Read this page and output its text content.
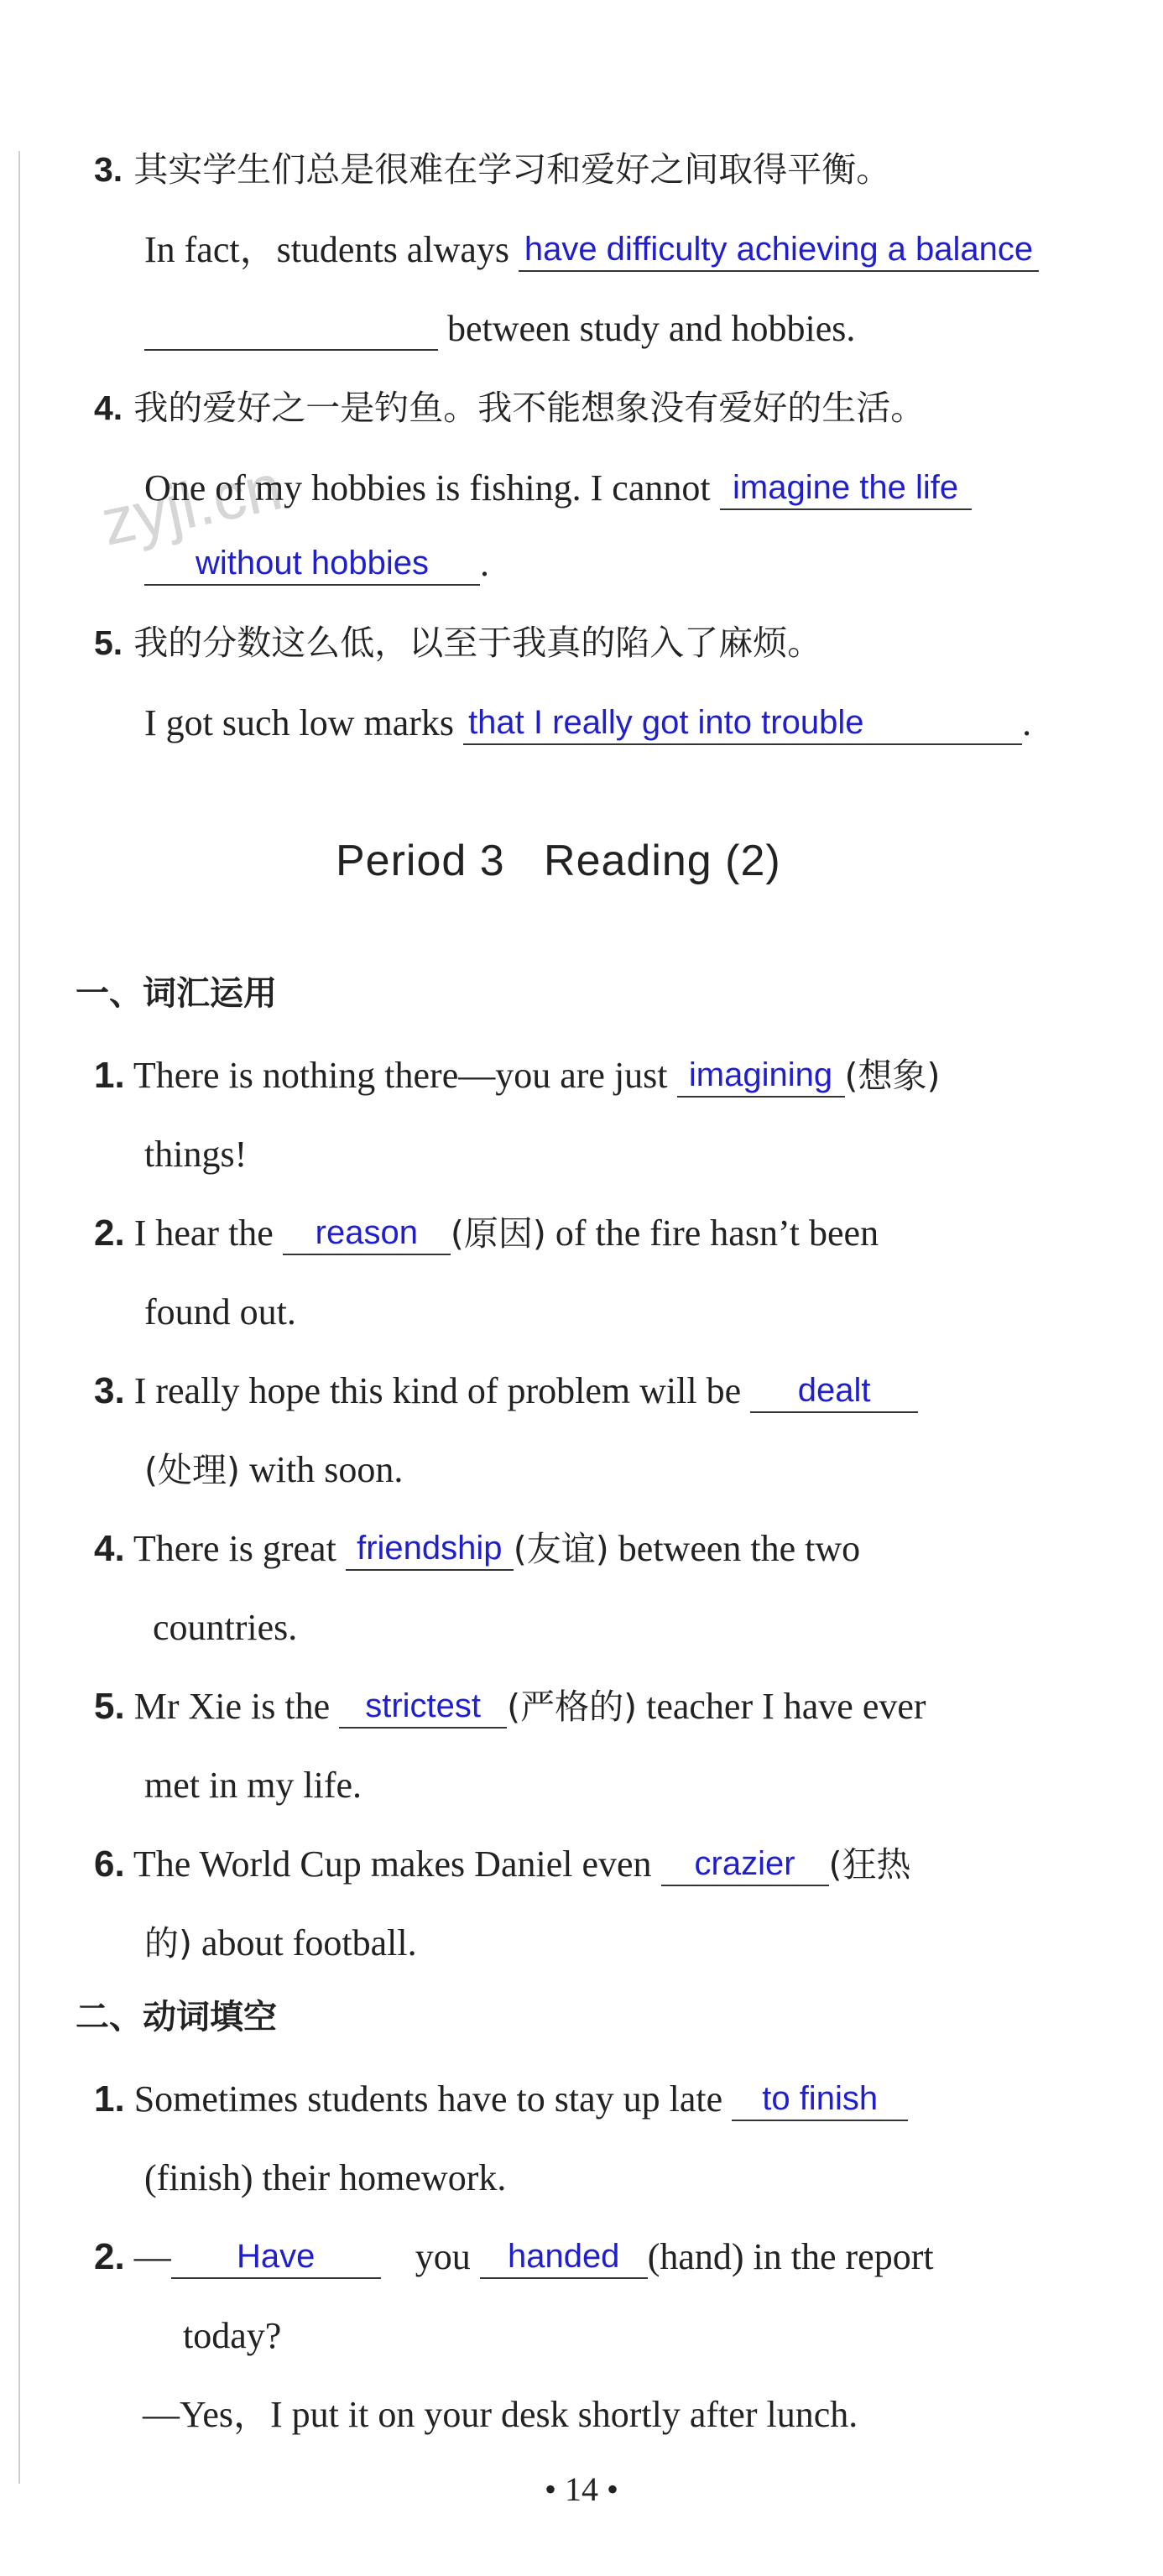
zyjl.cn
3. 其实学生们总是很难在学习和爱好之间取得平衡。
In fact，students always have difficulty achieving a balance
between study and hobbies.
4. 我的爱好之一是钓鱼。我不能想象没有爱好的生活。
One of my hobbies is fishing. I cannot imagine the life
without hobbies .
5. 我的分数这么低，以至于我真的陷入了麻烦。
I got such low marks that I really got into trouble	.
Period 3   Reading (2)
一、词汇运用
1. There is nothing there—you are just imagining (想象)
things!
2. I hear the reason (原因) of the fire hasn’t been
found out.
3. I really hope this kind of problem will be dealt
(处理) with soon.
4. There is great friendship (友谊) between the two
countries.
5. Mr Xie is the strictest (严格的) teacher I have ever
met in my life.
6. The World Cup makes Daniel even crazier (狂热
的) about football.
二、动词填空
1. Sometimes students have to stay up late to finish
(finish) their homework.
2. — Have	you handed (hand) in the report
today?
—Yes，I put it on your desk shortly after lunch.
• 14 •
